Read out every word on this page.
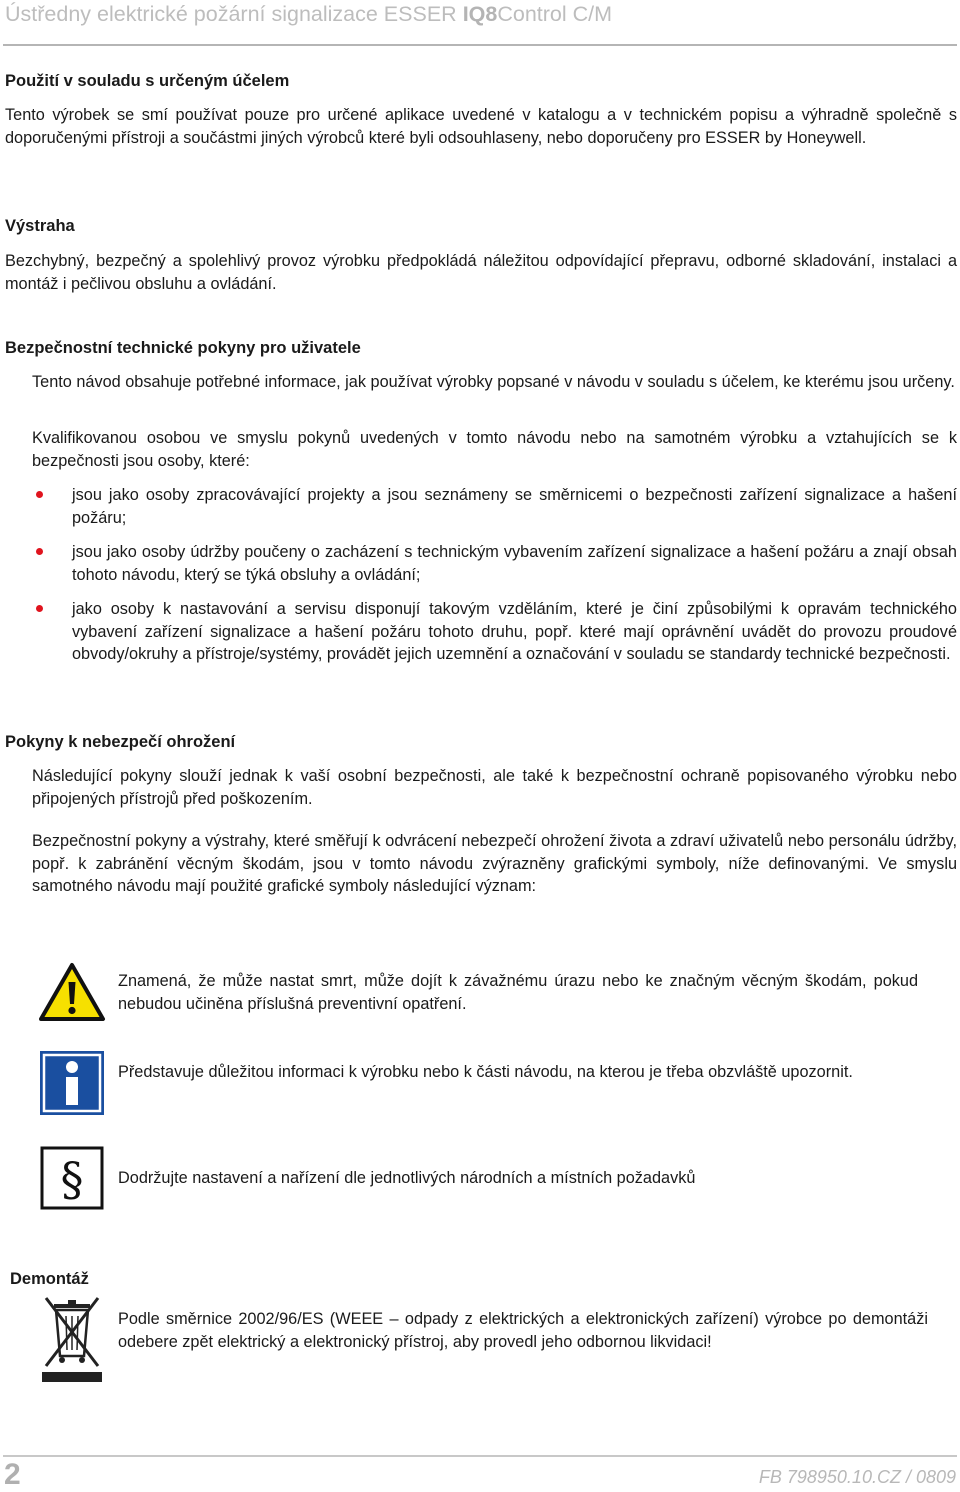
Ústředny elektrické požární signalizace ESSER IQ8Control C/M
Použití v souladu s určeným účelem
Tento výrobek se smí používat pouze pro určené aplikace uvedené v katalogu a v technickém popisu a výhradně společně s doporučenými přístroji a součástmi jiných výrobců které byli odsouhlaseny, nebo doporučeny pro ESSER by Honeywell.
Výstraha
Bezchybný, bezpečný a spolehlivý provoz výrobku předpokládá náležitou odpovídající přepravu, odborné skladování, instalaci a montáž i pečlivou obsluhu a ovládání.
Bezpečnostní technické pokyny pro uživatele
Tento návod obsahuje potřebné informace, jak používat výrobky popsané v návodu v souladu s účelem, ke kterému jsou určeny.
Kvalifikovanou osobou ve smyslu pokynů uvedených v tomto návodu nebo na samotném výrobku a vztahujících se k bezpečnosti jsou osoby, které:
jsou jako osoby zpracovávající projekty a jsou seznámeny se směrnicemi o bezpečnosti zařízení signalizace a hašení požáru;
jsou jako osoby údržby poučeny o zacházení s technickým vybavením zařízení signalizace a hašení požáru a znají obsah tohoto návodu, který se týká obsluhy a ovládání;
jako osoby k nastavování a servisu disponují takovým vzděláním, které je činí způsobilými k opravám technického vybavení zařízení signalizace a hašení požáru tohoto druhu, popř. které mají oprávnění uvádět do provozu proudové obvody/okruhy a přístroje/systémy, provádět jejich uzemnění a označování v souladu se standardy technické bezpečnosti.
Pokyny k nebezpečí ohrožení
Následující pokyny slouží jednak k vaší osobní bezpečnosti, ale také k bezpečnostní ochraně popisovaného výrobku nebo připojených přístrojů před poškozením.
Bezpečnostní pokyny a výstrahy, které směřují k odvrácení nebezpečí ohrožení života a zdraví uživatelů nebo personálu údržby, popř. k zabránění věcným škodám, jsou v tomto návodu zvýrazněny grafickými symboly, níže definovanými. Ve smyslu samotného návodu mají použité grafické symboly následující význam:
Znamená, že může nastat smrt, může dojít k závažnému úrazu nebo ke značným věcným škodám, pokud nebudou učiněna příslušná preventivní opatření.
Představuje důležitou informaci k výrobku nebo k části návodu, na kterou je třeba obzvláště upozornit.
§ Dodržujte nastavení a nařízení dle jednotlivých národních a místních požadavků
Demontáž
Podle směrnice 2002/96/ES (WEEE – odpady z elektrických a elektronických zařízení) výrobce po demontáži odebere zpět elektrický a elektronický přístroj, aby provedl jeho odbornou likvidaci!
2	FB 798950.10.CZ / 0809
